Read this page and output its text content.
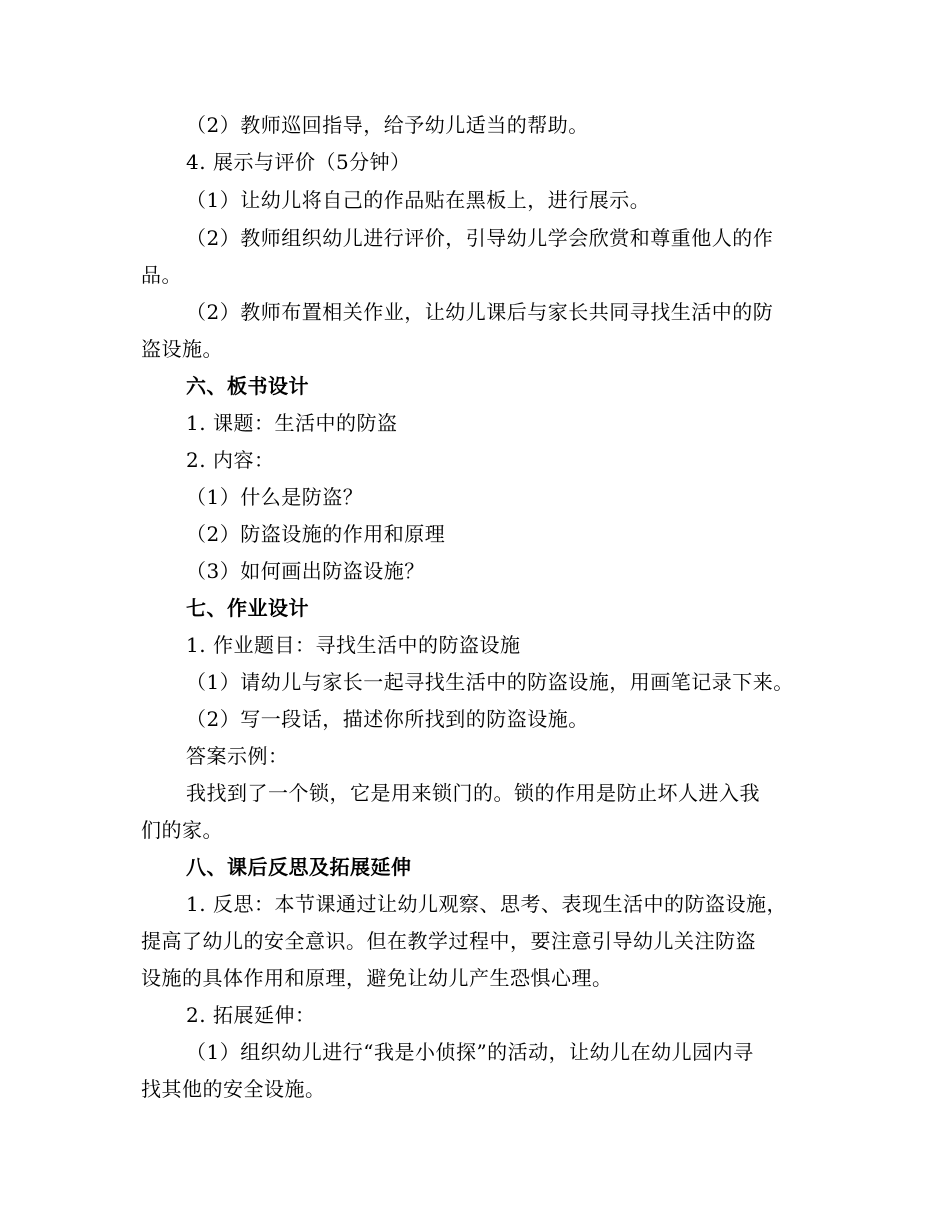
（2）教师巡回指导，给予幼儿适当的帮助。
4. 展示与评价（5分钟）
（1）让幼儿将自己的作品贴在黑板上，进行展示。
（2）教师组织幼儿进行评价，引导幼儿学会欣赏和尊重他人的作
品。
（2）教师布置相关作业，让幼儿课后与家长共同寻找生活中的防
盗设施。
六、板书设计
1. 课题：生活中的防盗
2. 内容：
（1）什么是防盗？
（2）防盗设施的作用和原理
（3）如何画出防盗设施？
七、作业设计
1. 作业题目：寻找生活中的防盗设施
（1）请幼儿与家长一起寻找生活中的防盗设施，用画笔记录下来。
（2）写一段话，描述你所找到的防盗设施。
答案示例：
我找到了一个锁，它是用来锁门的。锁的作用是防止坏人进入我
们的家。
八、课后反思及拓展延伸
1. 反思：本节课通过让幼儿观察、思考、表现生活中的防盗设施，
提高了幼儿的安全意识。但在教学过程中，要注意引导幼儿关注防盗
设施的具体作用和原理，避免让幼儿产生恐惧心理。
2. 拓展延伸：
（1）组织幼儿进行“我是小侦探”的活动，让幼儿在幼儿园内寻
找其他的安全设施。
